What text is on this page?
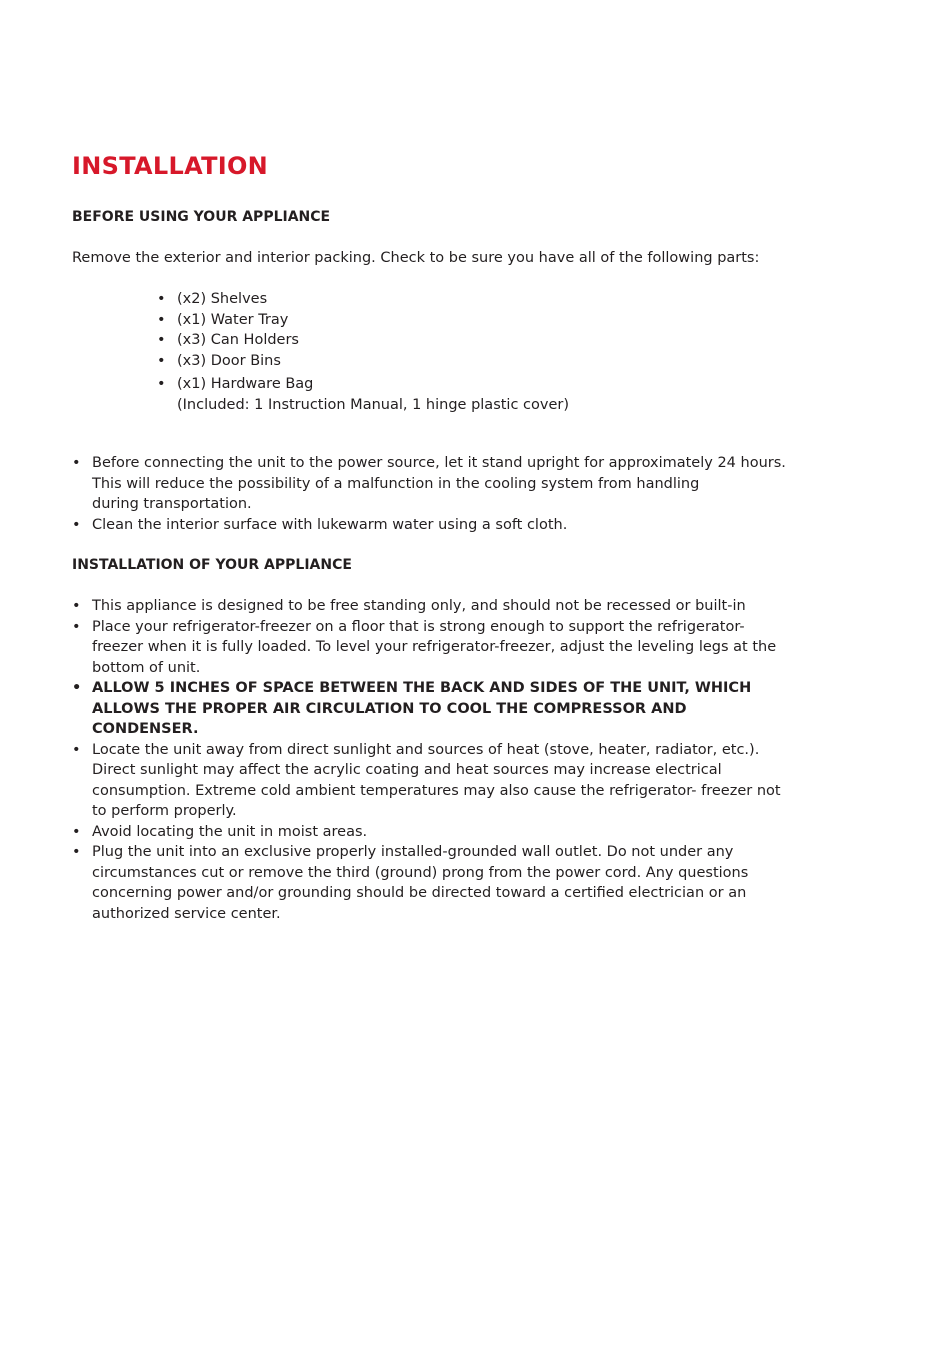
INSTALLATION
BEFORE USING YOUR APPLIANCE

Remove the exterior and interior packing. Check to be sure you have all of the following parts:

• (x2) Shelves
• (x1) Water Tray
• (x3) Can Holders
• (x3) Door Bins
• (x1) Hardware Bag
(Included: 1 Instruction Manual, 1 hinge plastic cover)
• Before connecting the unit to the power source, let it stand upright for approximately 24 hours.
This will reduce the possibility of a malfunction in the cooling system from handling
during transportation.
• Clean the interior surface with lukewarm water using a soft cloth.
INSTALLATION OF YOUR APPLIANCE
• This appliance is designed to be free standing only, and should not be recessed or built-in
• Place your refrigerator-freezer on a floor that is strong enough to support the refrigerator-
freezer when it is fully loaded. To level your refrigerator-freezer, adjust the leveling legs at the
bottom of unit.
• ALLOW 5 INCHES OF SPACE BETWEEN THE BACK AND SIDES OF THE UNIT, WHICH
ALLOWS THE PROPER AIR CIRCULATION TO COOL THE COMPRESSOR AND
CONDENSER.
• Locate the unit away from direct sunlight and sources of heat (stove, heater, radiator, etc.).
Direct sunlight may affect the acrylic coating and heat sources may increase electrical
consumption. Extreme cold ambient temperatures may also cause the refrigerator- freezer not
to perform properly.
• Avoid locating the unit in moist areas.
• Plug the unit into an exclusive properly installed-grounded wall outlet. Do not under any
circumstances cut or remove the third (ground) prong from the power cord. Any questions
concerning power and/or grounding should be directed toward a certified electrician or an
authorized service center.
